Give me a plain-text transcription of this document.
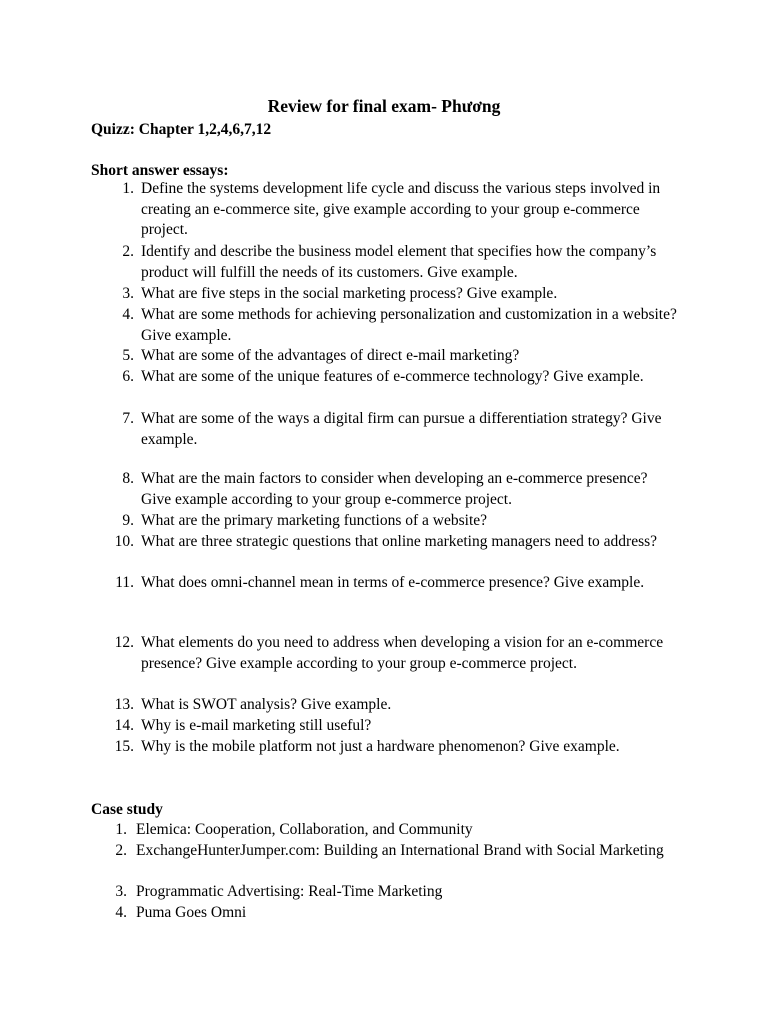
Review for final exam- Phương
Quizz: Chapter 1,2,4,6,7,12
Short answer essays:
1. Define the systems development life cycle and discuss the various steps involved in creating an e-commerce site, give example according to your group e-commerce project.
2. Identify and describe the business model element that specifies how the company’s product will fulfill the needs of its customers. Give example.
3. What are five steps in the social marketing process? Give example.
4. What are some methods for achieving personalization and customization in a website? Give example.
5. What are some of the advantages of direct e-mail marketing?
6. What are some of the unique features of e-commerce technology? Give example.
7. What are some of the ways a digital firm can pursue a differentiation strategy? Give example.
8. What are the main factors to consider when developing an e-commerce presence? Give example according to your group e-commerce project.
9. What are the primary marketing functions of a website?
10. What are three strategic questions that online marketing managers need to address?
11. What does omni-channel mean in terms of e-commerce presence? Give example.
12. What elements do you need to address when developing a vision for an e-commerce presence? Give example according to your group e-commerce project.
13. What is SWOT analysis? Give example.
14. Why is e-mail marketing still useful?
15. Why is the mobile platform not just a hardware phenomenon? Give example.
Case study
1. Elemica: Cooperation, Collaboration, and Community
2. ExchangeHunterJumper.com: Building an International Brand with Social Marketing
3. Programmatic Advertising: Real-Time Marketing
4. Puma Goes Omni
